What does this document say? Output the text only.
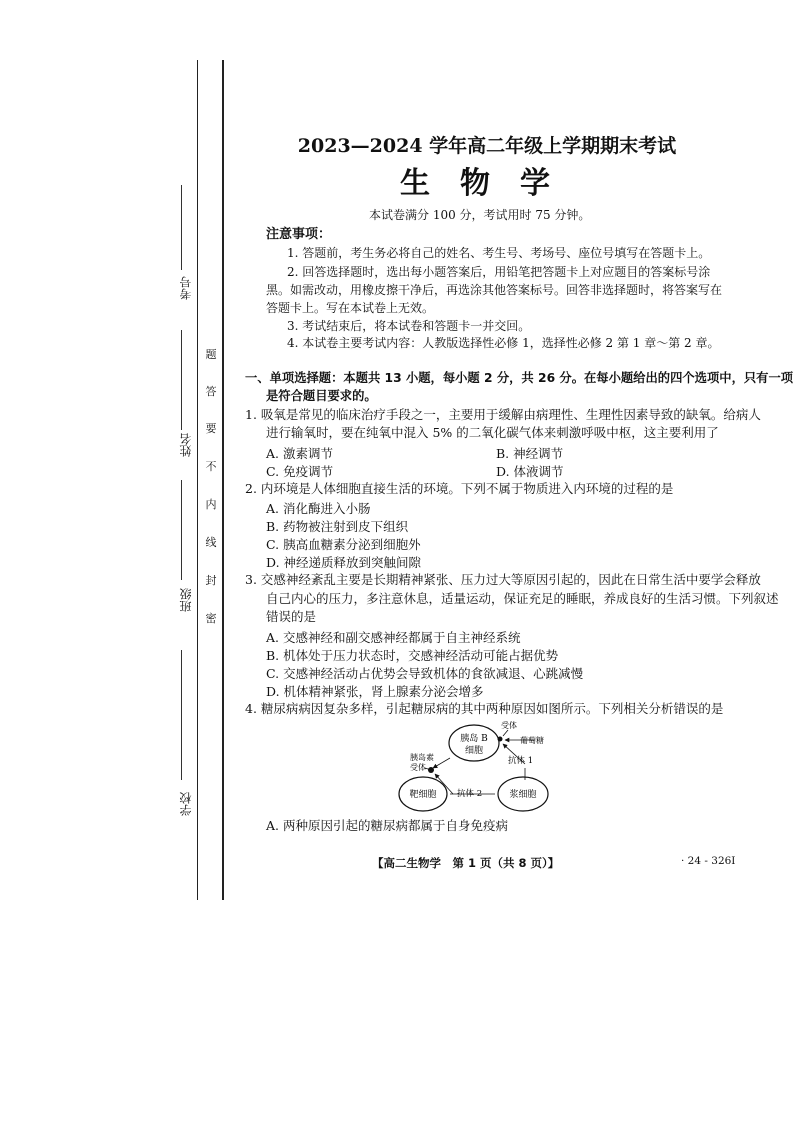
考号
姓名
班级
学校
密
封
线
内
不
要
答
题
2023—2024 学年高二年级上学期期末考试
生　物　学
本试卷满分 100 分，考试用时 75 分钟。
注意事项：
1. 答题前，考生务必将自己的姓名、考生号、考场号、座位号填写在答题卡上。
2. 回答选择题时，选出每小题答案后，用铅笔把答题卡上对应题目的答案标号涂
黑。如需改动，用橡皮擦干净后，再选涂其他答案标号。回答非选择题时，将答案写在
答题卡上。写在本试卷上无效。
3. 考试结束后，将本试卷和答题卡一并交回。
4. 本试卷主要考试内容：人教版选择性必修 1，选择性必修 2 第 1 章～第 2 章。
一、单项选择题：本题共 13 小题，每小题 2 分，共 26 分。在每小题给出的四个选项中，只有一项
是符合题目要求的。
1. 吸氧是常见的临床治疗手段之一，主要用于缓解由病理性、生理性因素导致的缺氧。给病人
进行输氧时，要在纯氧中混入 5% 的二氧化碳气体来刺激呼吸中枢，这主要利用了
A. 激素调节	B. 神经调节
C. 免疫调节	D. 体液调节
2. 内环境是人体细胞直接生活的环境。下列不属于物质进入内环境的过程的是
A. 消化酶进入小肠
B. 药物被注射到皮下组织
C. 胰高血糖素分泌到细胞外
D. 神经递质释放到突触间隙
3. 交感神经紊乱主要是长期精神紧张、压力过大等原因引起的，因此在日常生活中要学会释放
自己内心的压力，多注意休息，适量运动，保证充足的睡眠，养成良好的生活习惯。下列叙述
错误的是
A. 交感神经和副交感神经都属于自主神经系统
B. 机体处于压力状态时，交感神经活动可能占据优势
C. 交感神经活动占优势会导致机体的食欲减退、心跳减慢
D. 机体精神紧张，肾上腺素分泌会增多
4. 糖尿病病因复杂多样，引起糖尿病的其中两种原因如图所示。下列相关分析错误的是
胰岛 B
细胞
受体
葡萄糖
抗体 1
胰岛素
受体
靶细胞 抗体 2	浆细胞
A. 两种原因引起的糖尿病都属于自身免疫病
【高二生物学　第 1 页（共 8 页）】	· 24 - 326I
